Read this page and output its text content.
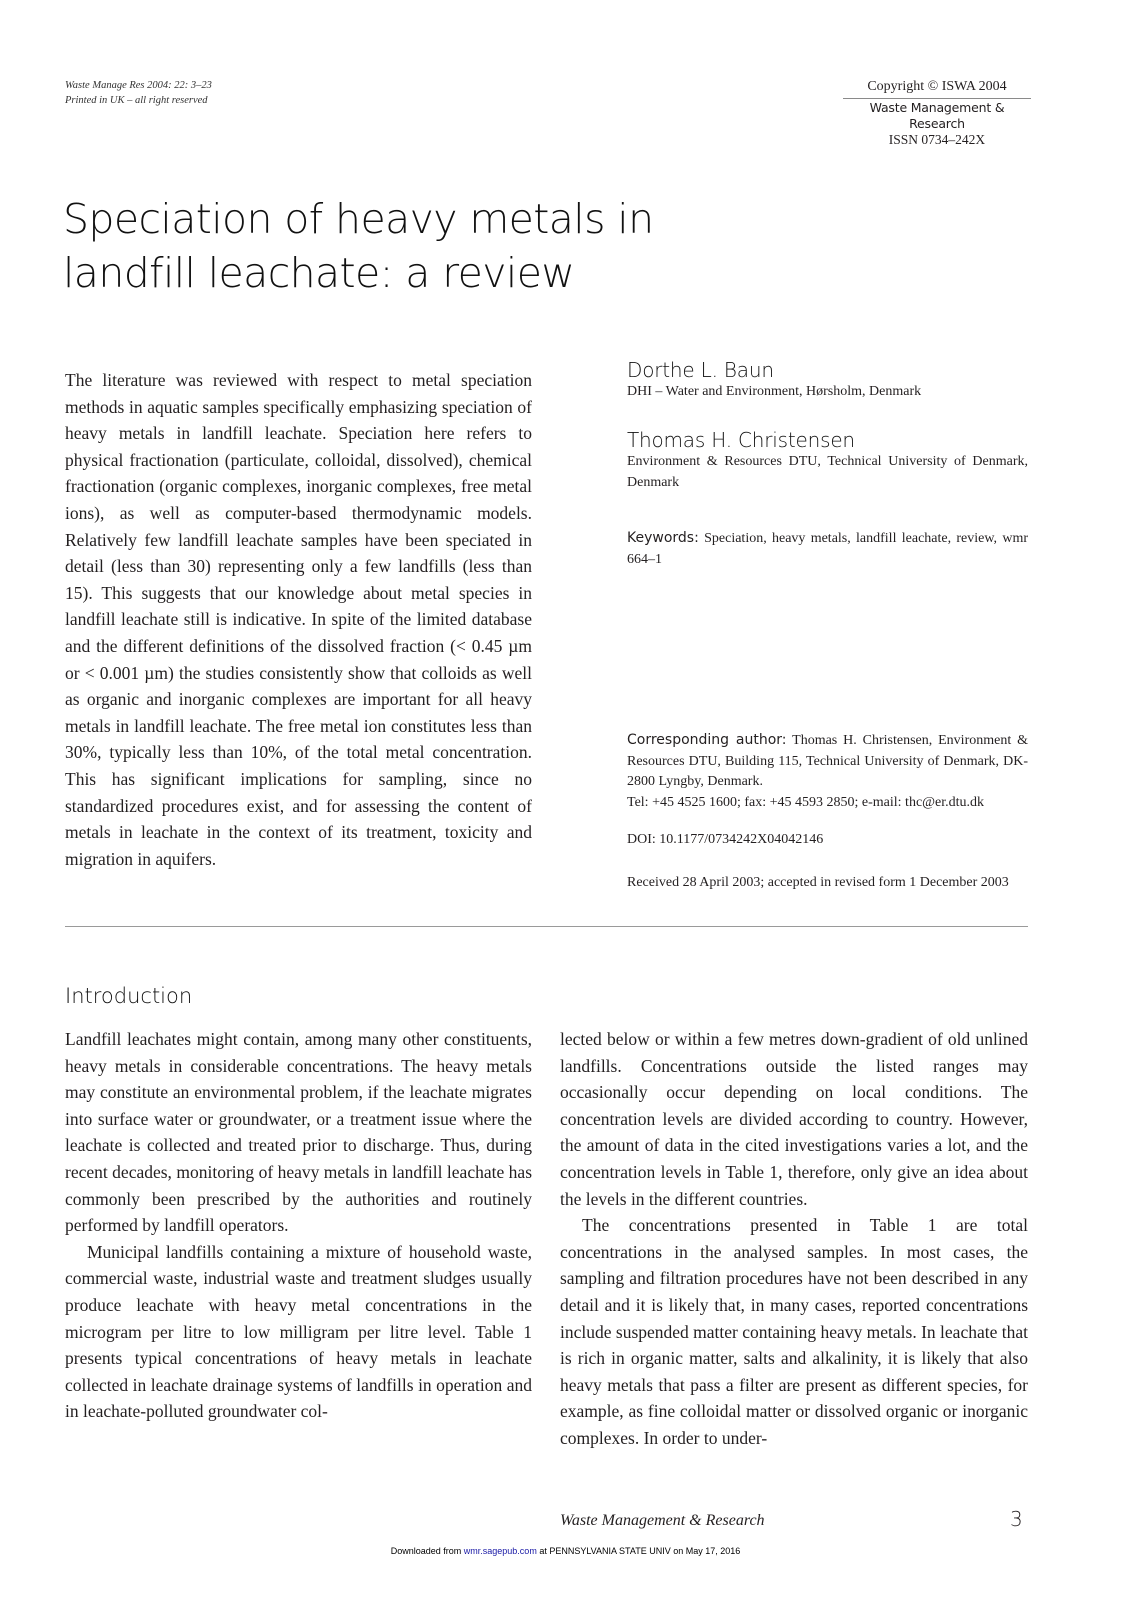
Waste Manage Res 2004: 22: 3–23
Printed in UK – all right reserved
Copyright © ISWA 2004
Waste Management & Research
ISSN 0734–242X
Speciation of heavy metals in
landfill leachate: a review
The literature was reviewed with respect to metal speciation methods in aquatic samples specifically emphasizing speciation of heavy metals in landfill leachate. Speciation here refers to physical fractionation (particulate, colloidal, dissolved), chemical fractionation (organic complexes, inorganic complexes, free metal ions), as well as computer-based thermodynamic models. Relatively few landfill leachate samples have been speciated in detail (less than 30) representing only a few landfills (less than 15). This suggests that our knowledge about metal species in landfill leachate still is indicative. In spite of the limited database and the different definitions of the dissolved fraction (< 0.45 µm or < 0.001 µm) the studies consistently show that colloids as well as organic and inorganic complexes are important for all heavy metals in landfill leachate. The free metal ion constitutes less than 30%, typically less than 10%, of the total metal concentration. This has significant implications for sampling, since no standardized procedures exist, and for assessing the content of metals in leachate in the context of its treatment, toxicity and migration in aquifers.
Dorthe L. Baun
DHI – Water and Environment, Hørsholm, Denmark
Thomas H. Christensen
Environment & Resources DTU, Technical University of Denmark, Denmark
Keywords: Speciation, heavy metals, landfill leachate, review, wmr 664–1
Corresponding author: Thomas H. Christensen, Environment & Resources DTU, Building 115, Technical University of Denmark, DK-2800 Lyngby, Denmark.
Tel: +45 4525 1600; fax: +45 4593 2850; e-mail: thc@er.dtu.dk
DOI: 10.1177/0734242X04042146
Received 28 April 2003; accepted in revised form 1 December 2003
Introduction

Landfill leachates might contain, among many other constituents, heavy metals in considerable concentrations. The heavy metals may constitute an environmental problem, if the leachate migrates into surface water or groundwater, or a treatment issue where the leachate is collected and treated prior to discharge. Thus, during recent decades, monitoring of heavy metals in landfill leachate has commonly been prescribed by the authorities and routinely performed by landfill operators.

Municipal landfills containing a mixture of household waste, commercial waste, industrial waste and treatment sludges usually produce leachate with heavy metal concentrations in the microgram per litre to low milligram per litre level. Table 1 presents typical concentrations of heavy metals in leachate collected in leachate drainage systems of landfills in operation and in leachate-polluted groundwater col-

lected below or within a few metres down-gradient of old unlined landfills. Concentrations outside the listed ranges may occasionally occur depending on local conditions. The concentration levels are divided according to country. However, the amount of data in the cited investigations varies a lot, and the concentration levels in Table 1, therefore, only give an idea about the levels in the different countries.

The concentrations presented in Table 1 are total concentrations in the analysed samples. In most cases, the sampling and filtration procedures have not been described in any detail and it is likely that, in many cases, reported concentrations include suspended matter containing heavy metals. In leachate that is rich in organic matter, salts and alkalinity, it is likely that also heavy metals that pass a filter are present as different species, for example, as fine colloidal matter or dissolved organic or inorganic complexes. In order to under-

Waste Management & Research	3
Downloaded from wmr.sagepub.com at PENNSYLVANIA STATE UNIV on May 17, 2016
